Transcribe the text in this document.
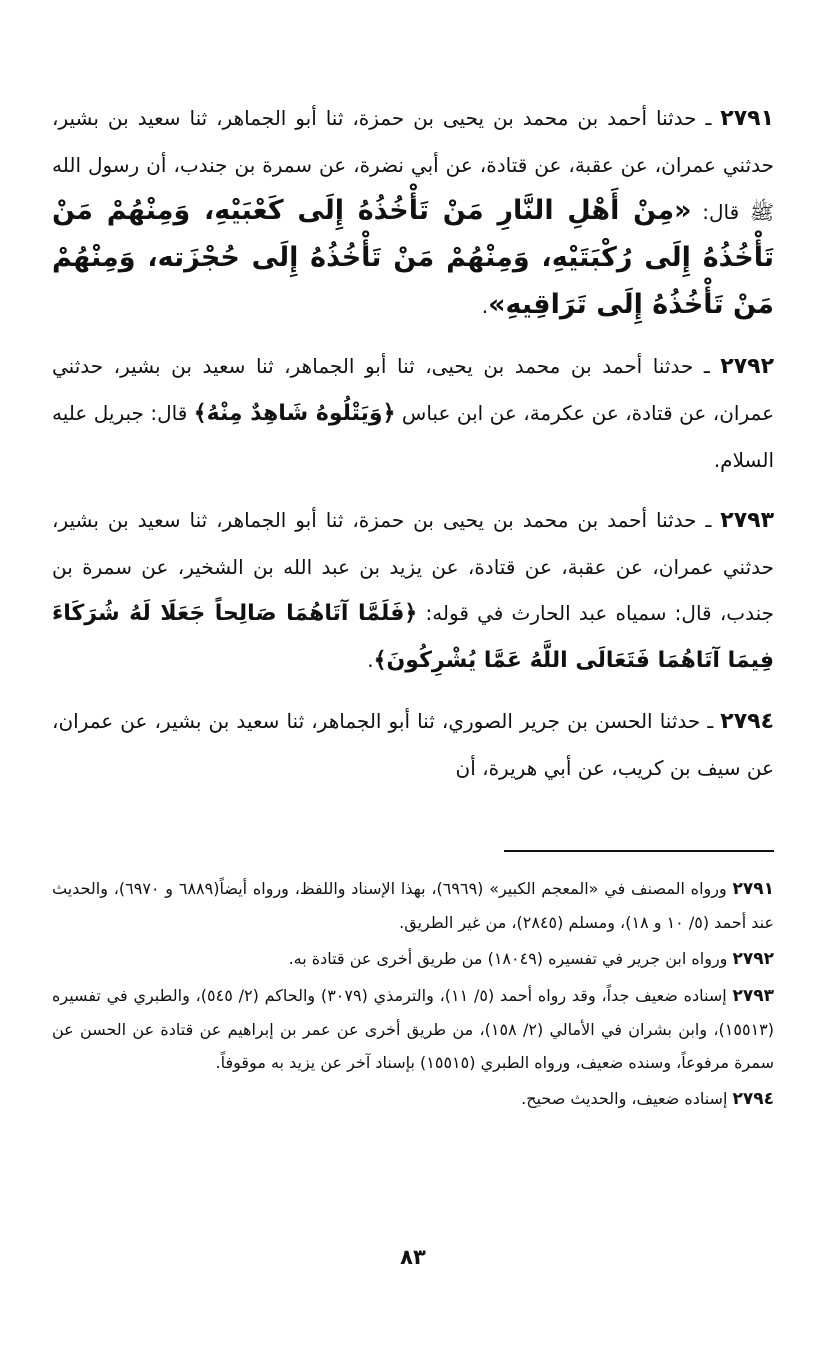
٢٧٩١ ـ حدثنا أحمد بن محمد بن يحيى بن حمزة، ثنا أبو الجماهر، ثنا سعيد بن بشير، حدثني عمران، عن عقبة، عن قتادة، عن أبي نضرة، عن سمرة بن جندب، أن رسول الله ﷺ قال: «مِنْ أَهْلِ النَّارِ مَنْ تَأْخُذُهُ إِلَى كَعْبَيْهِ، وَمِنْهُمْ مَنْ تَأْخُذُهُ إِلَى رُكْبَتَيْهِ، وَمِنْهُمْ مَنْ تَأْخُذُهُ إِلَى حُجْزَته، وَمِنْهُمْ مَنْ تَأْخُذُهُ إِلَى تَرَاقِيهِ».

٢٧٩٢ ـ حدثنا أحمد بن محمد بن يحيى، ثنا أبو الجماهر، ثنا سعيد بن بشير، حدثني عمران، عن قتادة، عن عكرمة، عن ابن عباس ﴿وَيَتْلُوهُ شَاهِدٌ مِنْهُ﴾ قال: جبريل عليه السلام.

٢٧٩٣ ـ حدثنا أحمد بن محمد بن يحيى بن حمزة، ثنا أبو الجماهر، ثنا سعيد بن بشير، حدثني عمران، عن عقبة، عن قتادة، عن يزيد بن عبد الله بن الشخير، عن سمرة بن جندب، قال: سمياه عبد الحارث في قوله: ﴿فَلَمَّا آتَاهُمَا صَالِحاً جَعَلَا لَهُ شُرَكَاءَ فِيمَا آتَاهُمَا فَتَعَالَى اللَّهُ عَمَّا يُشْرِكُونَ﴾.

٢٧٩٤ ـ حدثنا الحسن بن جرير الصوري، ثنا أبو الجماهر، ثنا سعيد بن بشير، عن عمران، عن سيف بن كريب، عن أبي هريرة، أن

٢٧٩١ ورواه المصنف في «المعجم الكبير» (٦٩٦٩)، بهذا الإسناد واللفظ، ورواه أيضاً(٦٨٨٩ و ٦٩٧٠)، والحديث عند أحمد (٥/ ١٠ و ١٨)، ومسلم (٢٨٤٥)، من غير الطريق.

٢٧٩٢ ورواه ابن جرير في تفسيره (١٨٠٤٩) من طريق أخرى عن قتادة به.

٢٧٩٣ إسناده ضعيف جداً، وقد رواه أحمد (٥/ ١١)، والترمذي (٣٠٧٩) والحاكم (٢/ ٥٤٥)، والطبري في تفسيره (١٥٥١٣)، وابن بشران في الأمالي (٢/ ١٥٨)، من طريق أخرى عن عمر بن إبراهيم عن قتادة عن الحسن عن سمرة مرفوعاً، وسنده ضعيف، ورواه الطبري (١٥٥١٥) بإسناد آخر عن يزيد به موقوفاً.

٢٧٩٤ إسناده ضعيف، والحديث صحيح.

٨٣
